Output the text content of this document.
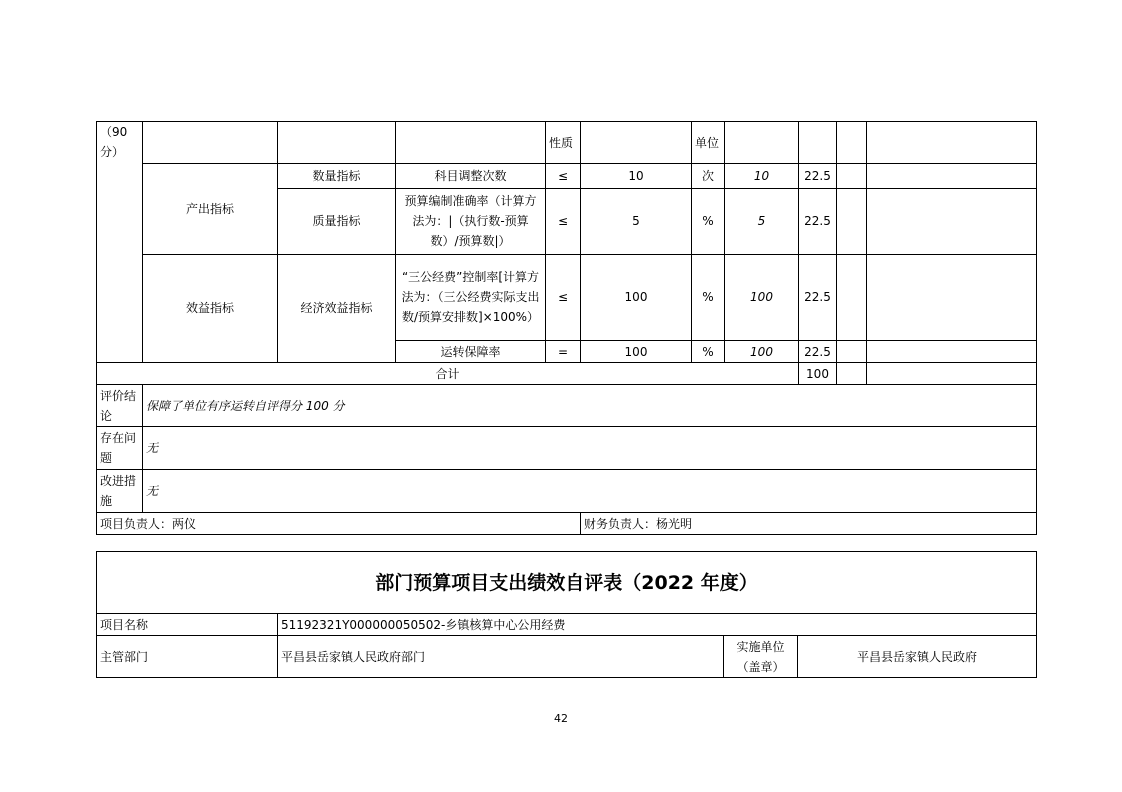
（90分）				性质		单位				
	产出指标	数量指标	科目调整次数	≤	10	次	10	22.5		
		质量指标	预算编制准确率（计算方法为：|（执行数-预算数）/预算数|）	≤	5	%	5	22.5		
	效益指标	经济效益指标	“三公经费”控制率[计算方法为：（三公经费实际支出数/预算安排数]×100%）	≤	100	%	100	22.5		
			运转保障率	=	100	%	100	22.5		
合计								100		
评价结论	保障了单位有序运转自评得分 100 分									
存在问题	无									
改进措施	无									
项目负责人：两仪					财务负责人：杨光明					
部门预算项目支出绩效自评表（2022 年度）			
项目名称	51192321Y000000050502-乡镇核算中心公用经费		
主管部门	平昌县岳家镇人民政府部门	实施单位（盖章）	平昌县岳家镇人民政府
42
